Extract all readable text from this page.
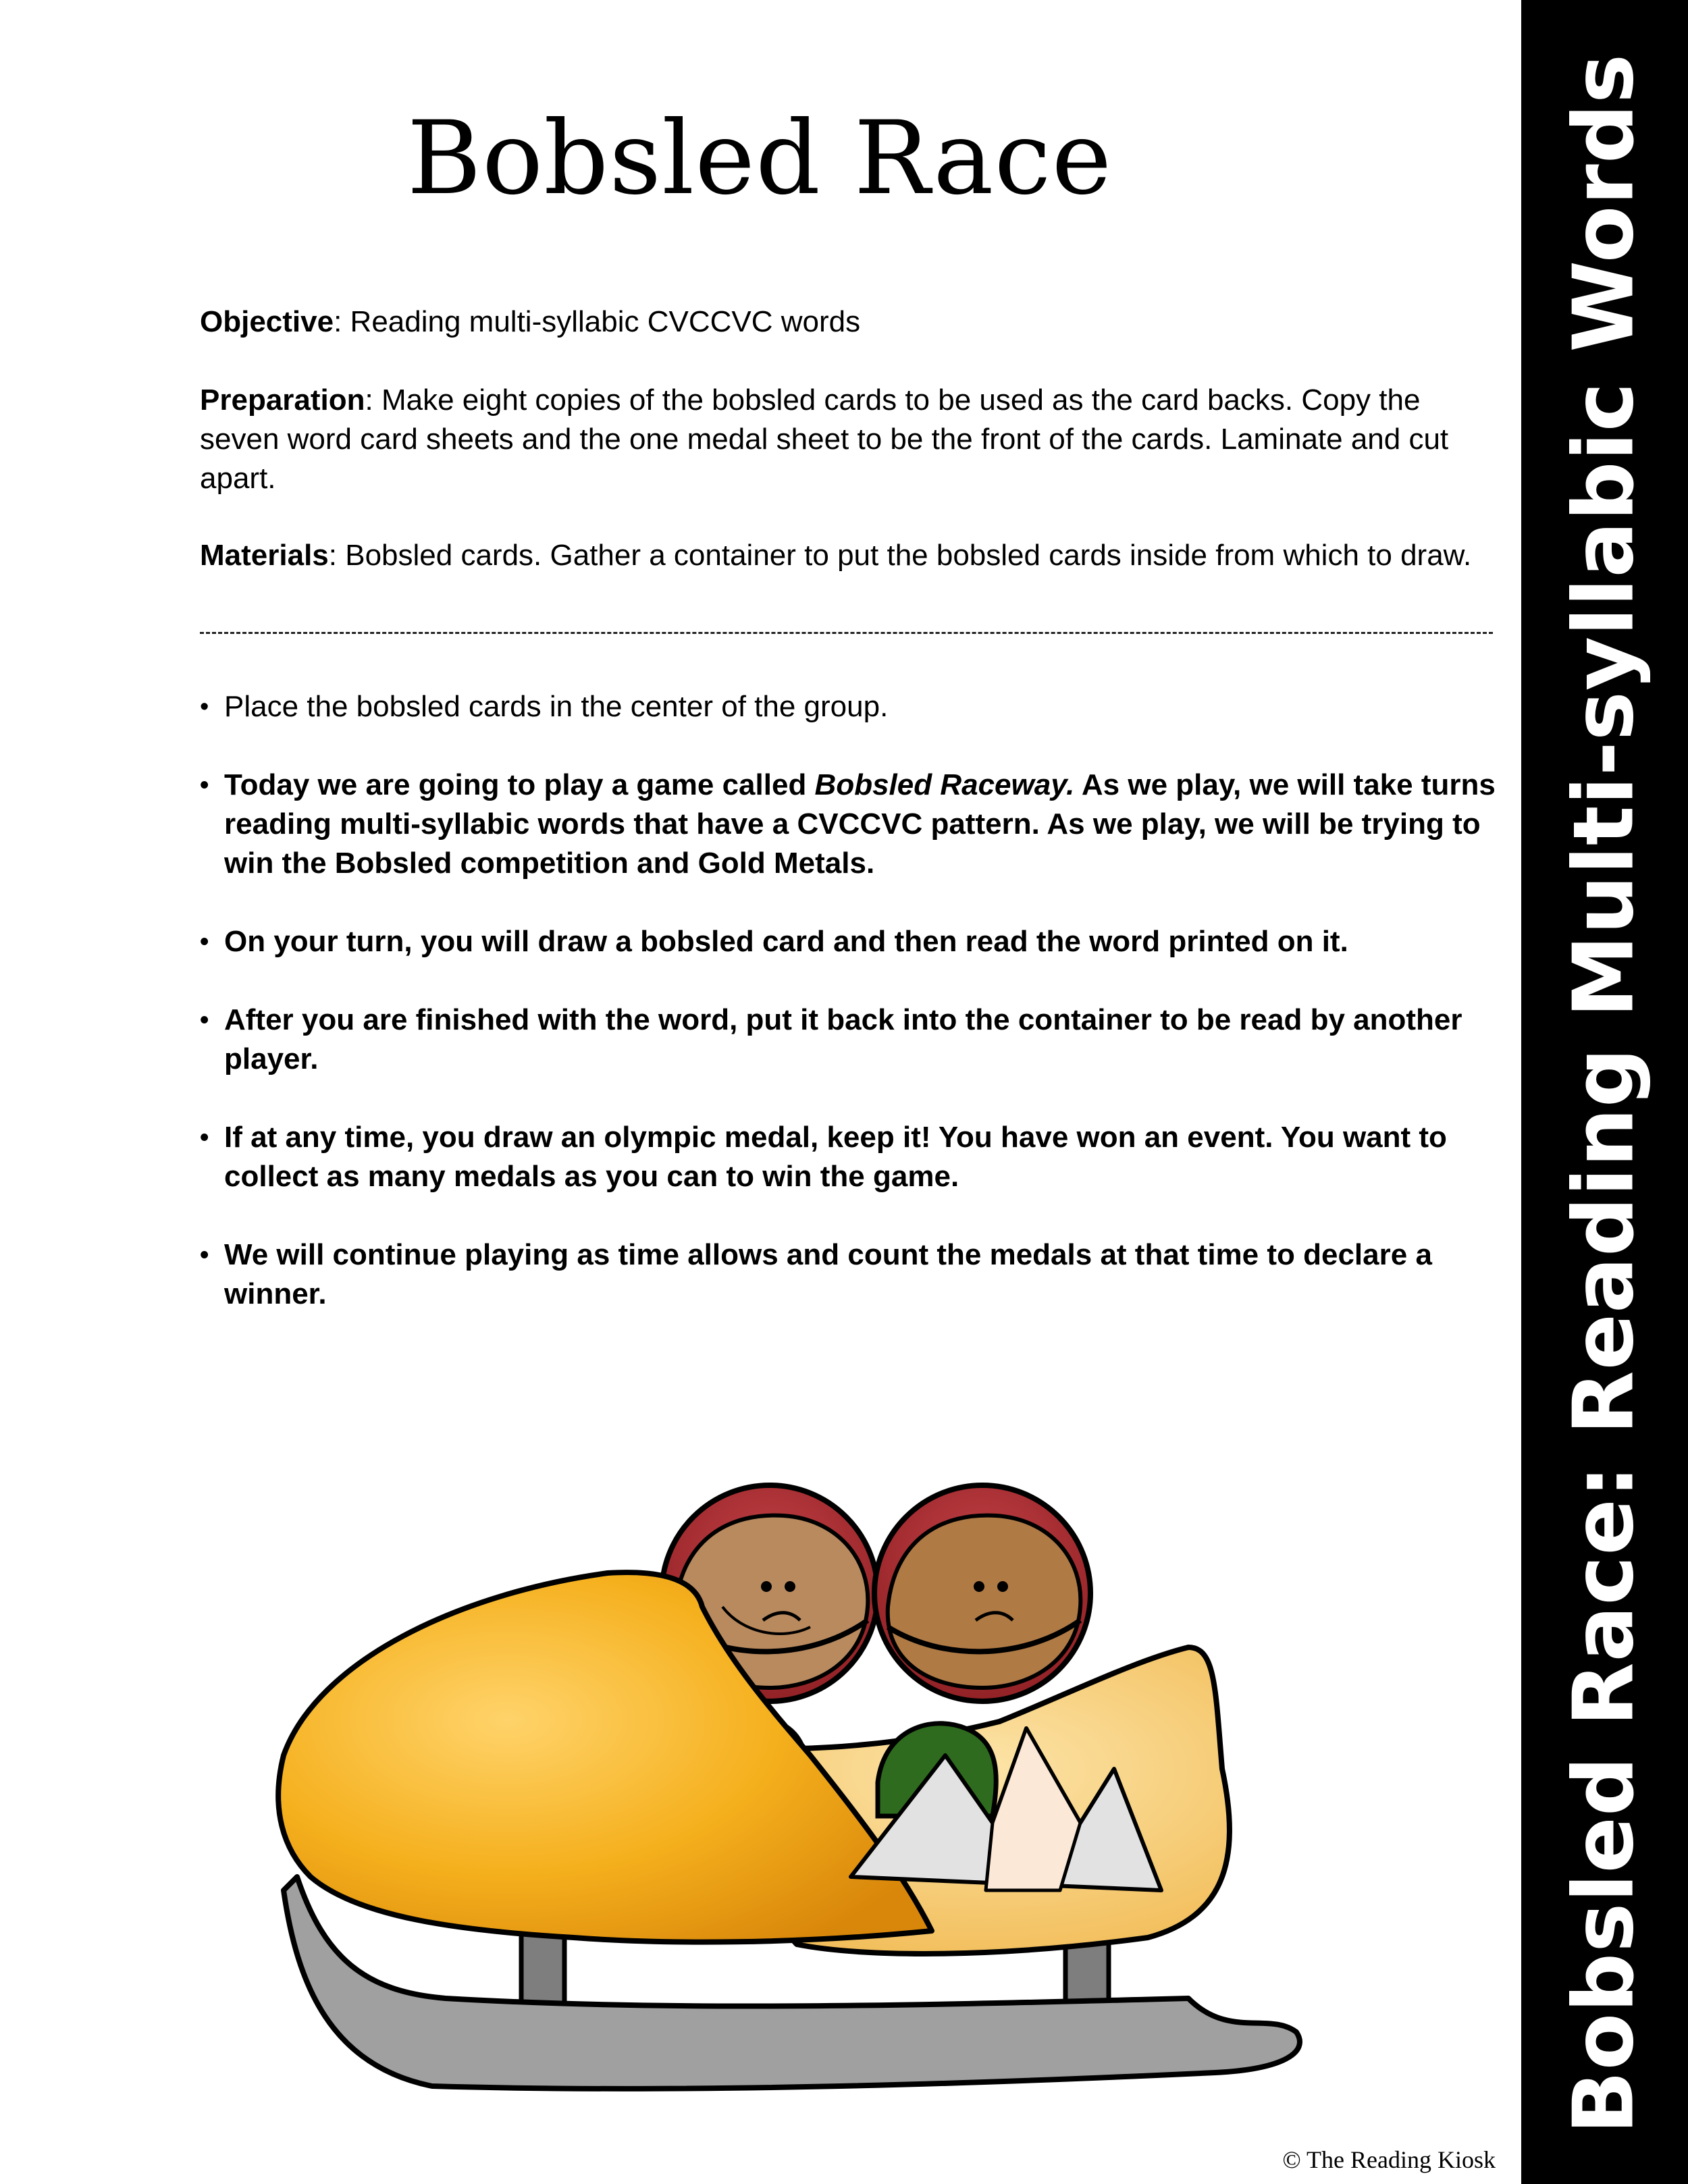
Bobsled Race: Reading Multi-syllabic Words
Bobsled Race
Objective: Reading multi-syllabic CVCCVC words
Preparation: Make eight copies of the bobsled cards to be used as the card backs. Copy the seven word card sheets and the one medal sheet to be the front of the cards. Laminate and cut apart.
Materials: Bobsled cards. Gather a container to put the bobsled cards inside from which to draw.
• Place the bobsled cards in the center of the group.
• Today we are going to play a game called Bobsled Raceway. As we play, we will take turns reading multi-syllabic words that have a CVCCVC pattern. As we play, we will be trying to win the Bobsled competition and Gold Metals.
• On your turn, you will draw a bobsled card and then read the word printed on it.
• After you are finished with the word, put it back into the container to be read by another player.
• If at any time, you draw an olympic medal, keep it! You have won an event. You want to collect as many medals as you can to win the game.
• We will continue playing as time allows and count the medals at that time to declare a winner.
© The Reading Kiosk
